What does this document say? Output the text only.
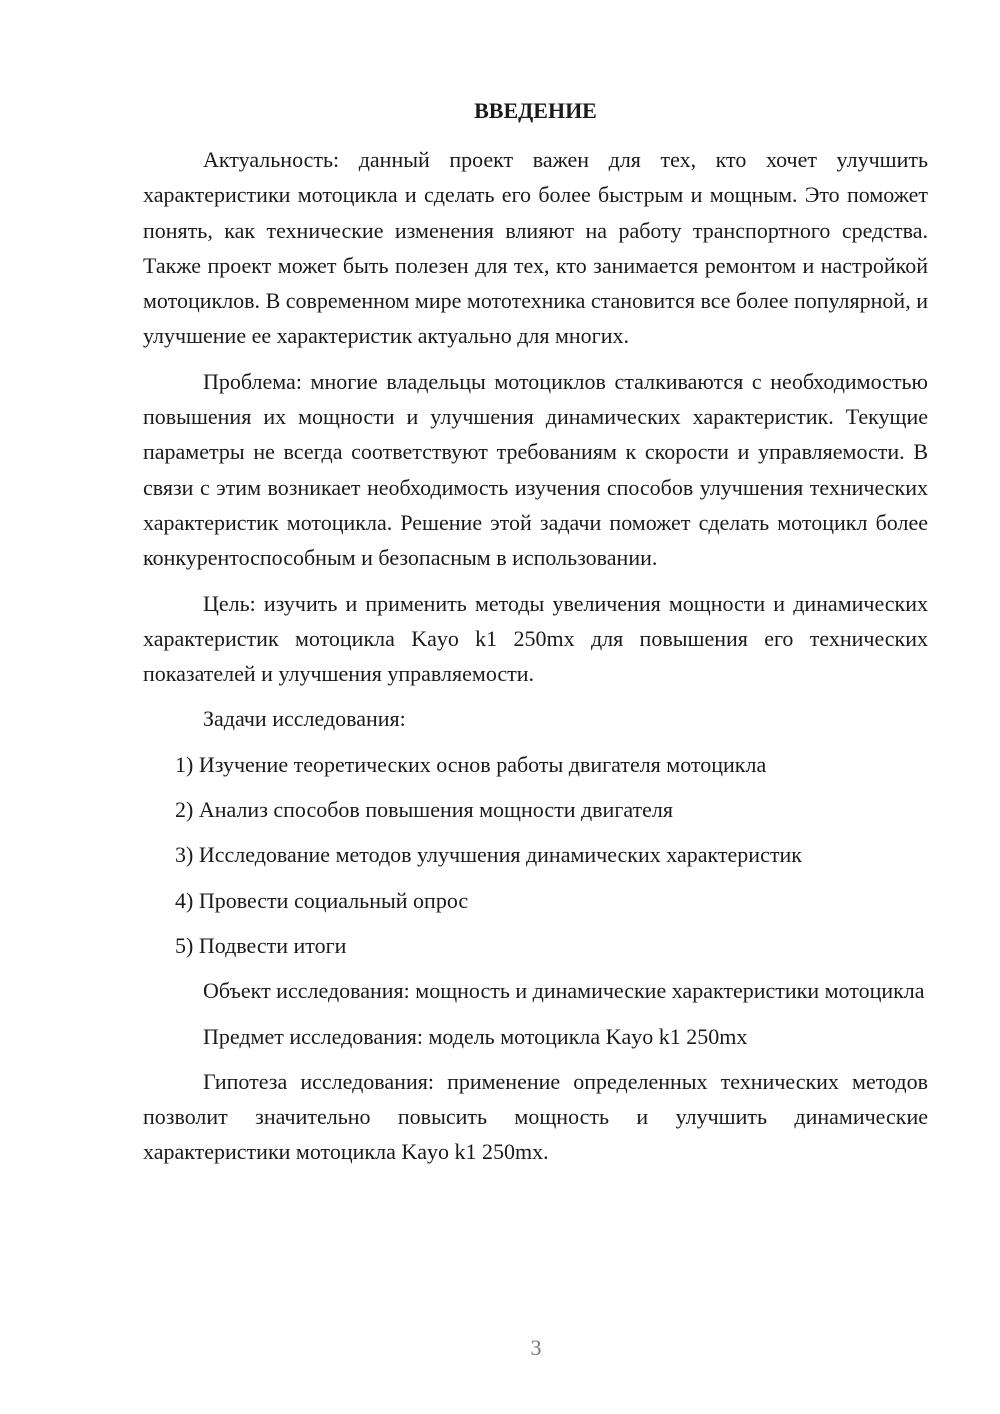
ВВЕДЕНИЕ

Актуальность: данный проект важен для тех, кто хочет улучшить характеристики мотоцикла и сделать его более быстрым и мощным. Это поможет понять, как технические изменения влияют на работу транспортного средства. Также проект может быть полезен для тех, кто занимается ремонтом и настройкой мотоциклов. В современном мире мототехника становится все более популярной, и улучшение ее характеристик актуально для многих.

Проблема: многие владельцы мотоциклов сталкиваются с необходимостью повышения их мощности и улучшения динамических характеристик. Текущие параметры не всегда соответствуют требованиям к скорости и управляемости. В связи с этим возникает необходимость изучения способов улучшения технических характеристик мотоцикла. Решение этой задачи поможет сделать мотоцикл более конкурентоспособным и безопасным в использовании.

Цель: изучить и применить методы увеличения мощности и динамических характеристик мотоцикла Kayo k1 250mx для повышения его технических показателей и улучшения управляемости.

Задачи исследования:

1) Изучение теоретических основ работы двигателя мотоцикла
2) Анализ способов повышения мощности двигателя
3) Исследование методов улучшения динамических характеристик
4) Провести социальный опрос
5) Подвести итоги

Объект исследования: мощность и динамические характеристики мотоцикла

Предмет исследования: модель мотоцикла Kayo k1 250mx

Гипотеза исследования: применение определенных технических методов позволит значительно повысить мощность и улучшить динамические характеристики мотоцикла Kayo k1 250mx.

3
